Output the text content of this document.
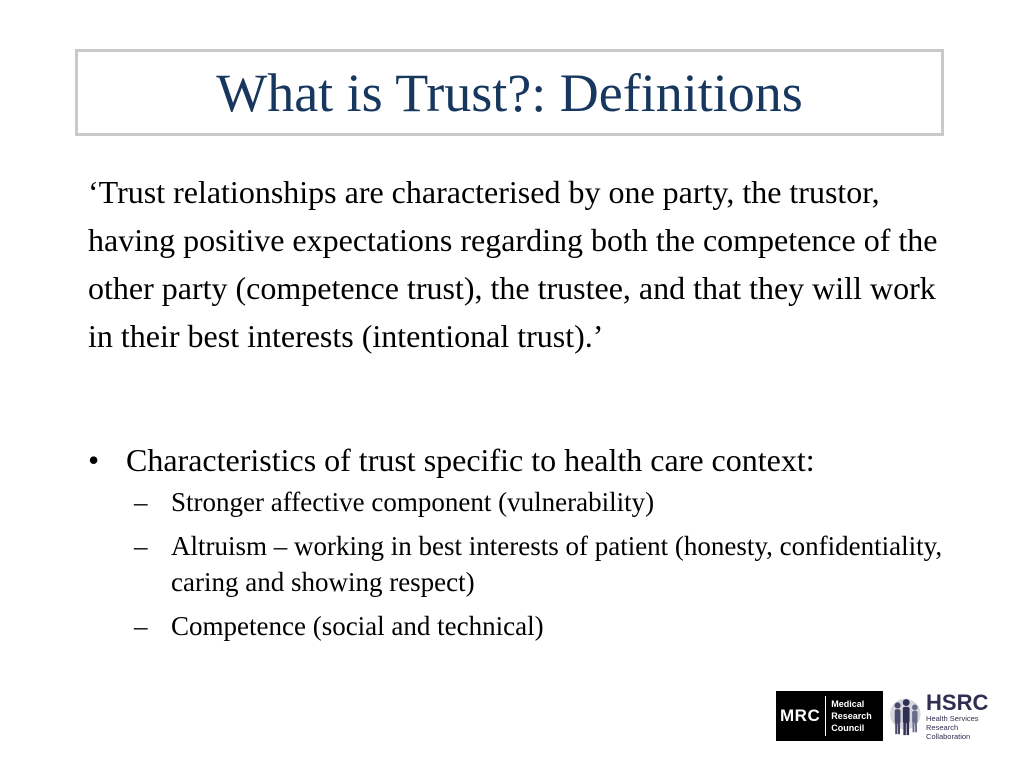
What is Trust?: Definitions

‘Trust relationships are characterised by one party, the trustor, having positive expectations regarding both the competence of the other party (competence trust), the trustee, and that they will work in their best interests (intentional trust).’

• Characteristics of trust specific to health care context:
– Stronger affective component (vulnerability)
– Altruism – working in best interests of patient (honesty, confidentiality, caring and showing respect)
– Competence (social and technical)
MRC
Medical
Research
Council
HSRC
Health Services
Research Collaboration
